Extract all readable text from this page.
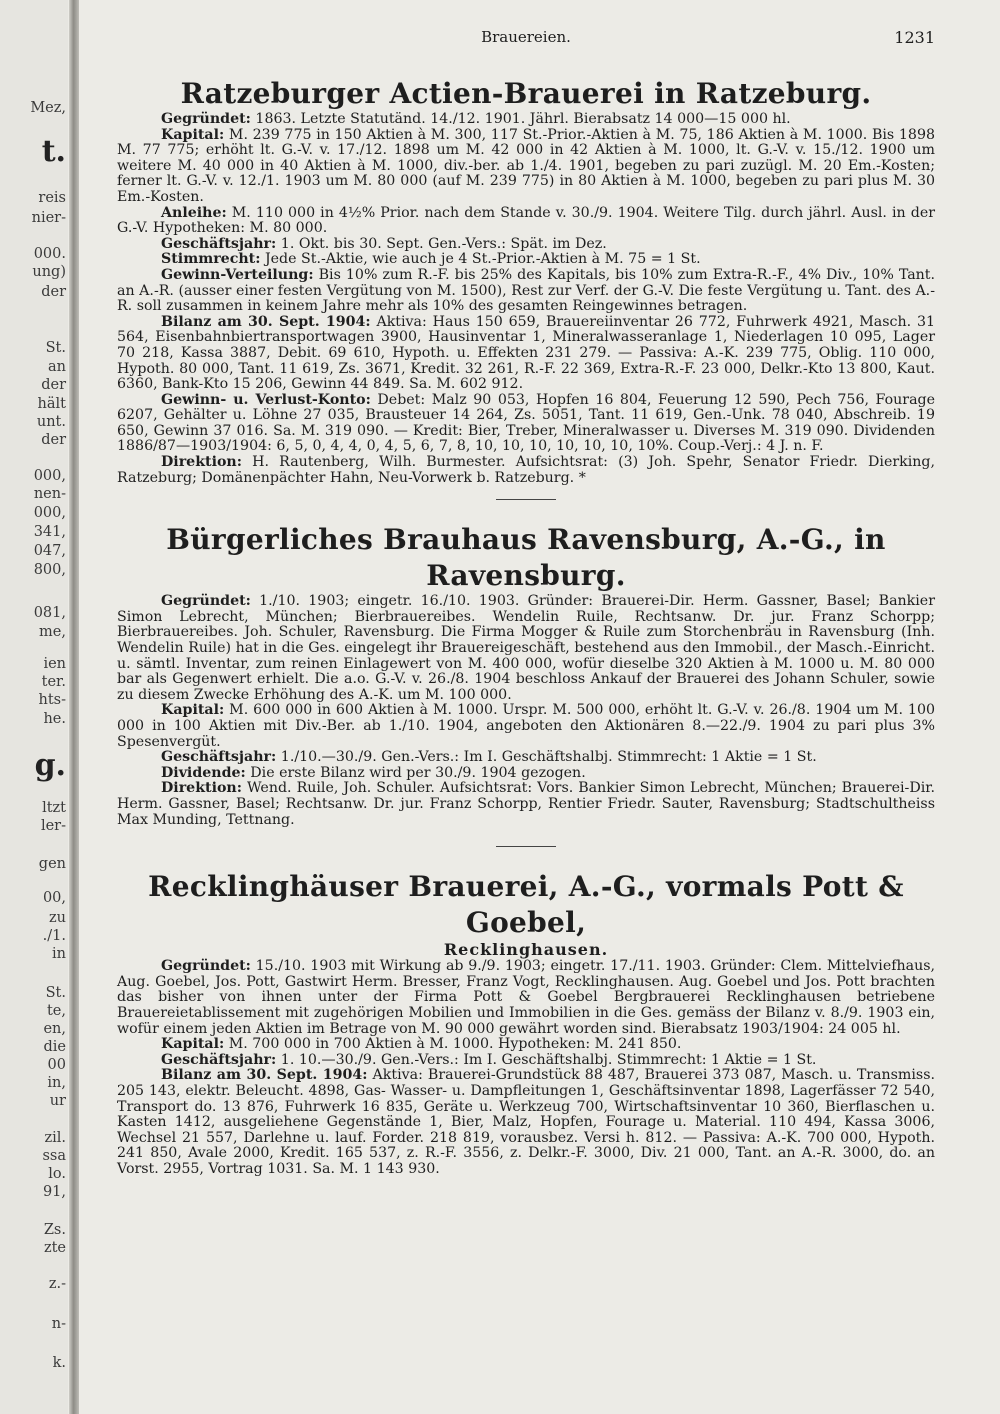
Mez,
t.
reis
nier-
000.
ung)
der
St.
an
der
hält
unt.
der
000,
nen-
000,
341,
047,
800,
081,
me,
ien
ter.
hts-
he.
g.
ltzt
ler-
gen
00,
zu
./1.
in
St.
te,
en,
die
00
in,
ur
zil.
ssa
lo.
91,
Zs.
zte
z.-
n-
k.
Brauereien.	1231
Ratzeburger Actien-Brauerei in Ratzeburg.

Gegründet: 1863. Letzte Statutänd. 14./12. 1901. Jährl. Bierabsatz 14 000—15 000 hl.

Kapital: M. 239 775 in 150 Aktien à M. 300, 117 St.-Prior.-Aktien à M. 75, 186 Aktien à M. 1000. Bis 1898 M. 77 775; erhöht lt. G.-V. v. 17./12. 1898 um M. 42 000 in 42 Aktien à M. 1000, lt. G.-V. v. 15./12. 1900 um weitere M. 40 000 in 40 Aktien à M. 1000, div.-ber. ab 1./4. 1901, begeben zu pari zuzügl. M. 20 Em.-Kosten; ferner lt. G.-V. v. 12./1. 1903 um M. 80 000 (auf M. 239 775) in 80 Aktien à M. 1000, begeben zu pari plus M. 30 Em.-Kosten.

Anleihe: M. 110 000 in 4½% Prior. nach dem Stande v. 30./9. 1904. Weitere Tilg. durch jährl. Ausl. in der G.-V. Hypotheken: M. 80 000.

Geschäftsjahr: 1. Okt. bis 30. Sept. Gen.-Vers.: Spät. im Dez.

Stimmrecht: Jede St.-Aktie, wie auch je 4 St.-Prior.-Aktien à M. 75 = 1 St.

Gewinn-Verteilung: Bis 10% zum R.-F. bis 25% des Kapitals, bis 10% zum Extra-R.-F., 4% Div., 10% Tant. an A.-R. (ausser einer festen Vergütung von M. 1500), Rest zur Verf. der G.-V. Die feste Vergütung u. Tant. des A.-R. soll zusammen in keinem Jahre mehr als 10% des gesamten Reingewinnes betragen.

Bilanz am 30. Sept. 1904: Aktiva: Haus 150 659, Brauereiinventar 26 772, Fuhrwerk 4921, Masch. 31 564, Eisenbahnbiertransportwagen 3900, Hausinventar 1, Mineralwasseranlage 1, Niederlagen 10 095, Lager 70 218, Kassa 3887, Debit. 69 610, Hypoth. u. Effekten 231 279. — Passiva: A.-K. 239 775, Oblig. 110 000, Hypoth. 80 000, Tant. 11 619, Zs. 3671, Kredit. 32 261, R.-F. 22 369, Extra-R.-F. 23 000, Delkr.-Kto 13 800, Kaut. 6360, Bank-Kto 15 206, Gewinn 44 849. Sa. M. 602 912.

Gewinn- u. Verlust-Konto: Debet: Malz 90 053, Hopfen 16 804, Feuerung 12 590, Pech 756, Fourage 6207, Gehälter u. Löhne 27 035, Brausteuer 14 264, Zs. 5051, Tant. 11 619, Gen.-Unk. 78 040, Abschreib. 19 650, Gewinn 37 016. Sa. M. 319 090. — Kredit: Bier, Treber, Mineralwasser u. Diverses M. 319 090. Dividenden 1886/87—1903/1904: 6, 5, 0, 4, 4, 0, 4, 5, 6, 7, 8, 10, 10, 10, 10, 10, 10, 10%. Coup.-Verj.: 4 J. n. F.

Direktion: H. Rautenberg, Wilh. Burmester. Aufsichtsrat: (3) Joh. Spehr, Senator Friedr. Dierking, Ratzeburg; Domänenpächter Hahn, Neu-Vorwerk b. Ratzeburg. *

Bürgerliches Brauhaus Ravensburg, A.-G., in Ravensburg.

Gegründet: 1./10. 1903; eingetr. 16./10. 1903. Gründer: Brauerei-Dir. Herm. Gassner, Basel; Bankier Simon Lebrecht, München; Bierbrauereibes. Wendelin Ruile, Rechtsanw. Dr. jur. Franz Schorpp; Bierbrauereibes. Joh. Schuler, Ravensburg. Die Firma Mogger & Ruile zum Storchenbräu in Ravensburg (Inh. Wendelin Ruile) hat in die Ges. eingelegt ihr Brauereigeschäft, bestehend aus den Immobil., der Masch.-Einricht. u. sämtl. Inventar, zum reinen Einlagewert von M. 400 000, wofür dieselbe 320 Aktien à M. 1000 u. M. 80 000 bar als Gegenwert erhielt. Die a.o. G.-V. v. 26./8. 1904 beschloss Ankauf der Brauerei des Johann Schuler, sowie zu diesem Zwecke Erhöhung des A.-K. um M. 100 000.

Kapital: M. 600 000 in 600 Aktien à M. 1000. Urspr. M. 500 000, erhöht lt. G.-V. v. 26./8. 1904 um M. 100 000 in 100 Aktien mit Div.-Ber. ab 1./10. 1904, angeboten den Aktionären 8.—22./9. 1904 zu pari plus 3% Spesenvergüt.

Geschäftsjahr: 1./10.—30./9. Gen.-Vers.: Im I. Geschäftshalbj. Stimmrecht: 1 Aktie = 1 St.

Dividende: Die erste Bilanz wird per 30./9. 1904 gezogen.

Direktion: Wend. Ruile, Joh. Schuler. Aufsichtsrat: Vors. Bankier Simon Lebrecht, München; Brauerei-Dir. Herm. Gassner, Basel; Rechtsanw. Dr. jur. Franz Schorpp, Rentier Friedr. Sauter, Ravensburg; Stadtschultheiss Max Munding, Tettnang.

Recklinghäuser Brauerei, A.-G., vormals Pott & Goebel,
Recklinghausen.

Gegründet: 15./10. 1903 mit Wirkung ab 9./9. 1903; eingetr. 17./11. 1903. Gründer: Clem. Mittelviefhaus, Aug. Goebel, Jos. Pott, Gastwirt Herm. Bresser, Franz Vogt, Recklinghausen. Aug. Goebel und Jos. Pott brachten das bisher von ihnen unter der Firma Pott & Goebel Bergbrauerei Recklinghausen betriebene Brauereietablissement mit zugehörigen Mobilien und Immobilien in die Ges. gemäss der Bilanz v. 8./9. 1903 ein, wofür einem jeden Aktien im Betrage von M. 90 000 gewährt worden sind. Bierabsatz 1903/1904: 24 005 hl.

Kapital: M. 700 000 in 700 Aktien à M. 1000. Hypotheken: M. 241 850.

Geschäftsjahr: 1. 10.—30./9. Gen.-Vers.: Im I. Geschäftshalbj. Stimmrecht: 1 Aktie = 1 St.

Bilanz am 30. Sept. 1904: Aktiva: Brauerei-Grundstück 88 487, Brauerei 373 087, Masch. u. Transmiss. 205 143, elektr. Beleucht. 4898, Gas- Wasser- u. Dampfleitungen 1, Geschäftsinventar 1898, Lagerfässer 72 540, Transport do. 13 876, Fuhrwerk 16 835, Geräte u. Werkzeug 700, Wirtschaftsinventar 10 360, Bierflaschen u. Kasten 1412, ausgeliehene Gegenstände 1, Bier, Malz, Hopfen, Fourage u. Material. 110 494, Kassa 3006, Wechsel 21 557, Darlehne u. lauf. Forder. 218 819, vorausbez. Versi h. 812. — Passiva: A.-K. 700 000, Hypoth. 241 850, Avale 2000, Kredit. 165 537, z. R.-F. 3556, z. Delkr.-F. 3000, Div. 21 000, Tant. an A.-R. 3000, do. an Vorst. 2955, Vortrag 1031. Sa. M. 1 143 930.
